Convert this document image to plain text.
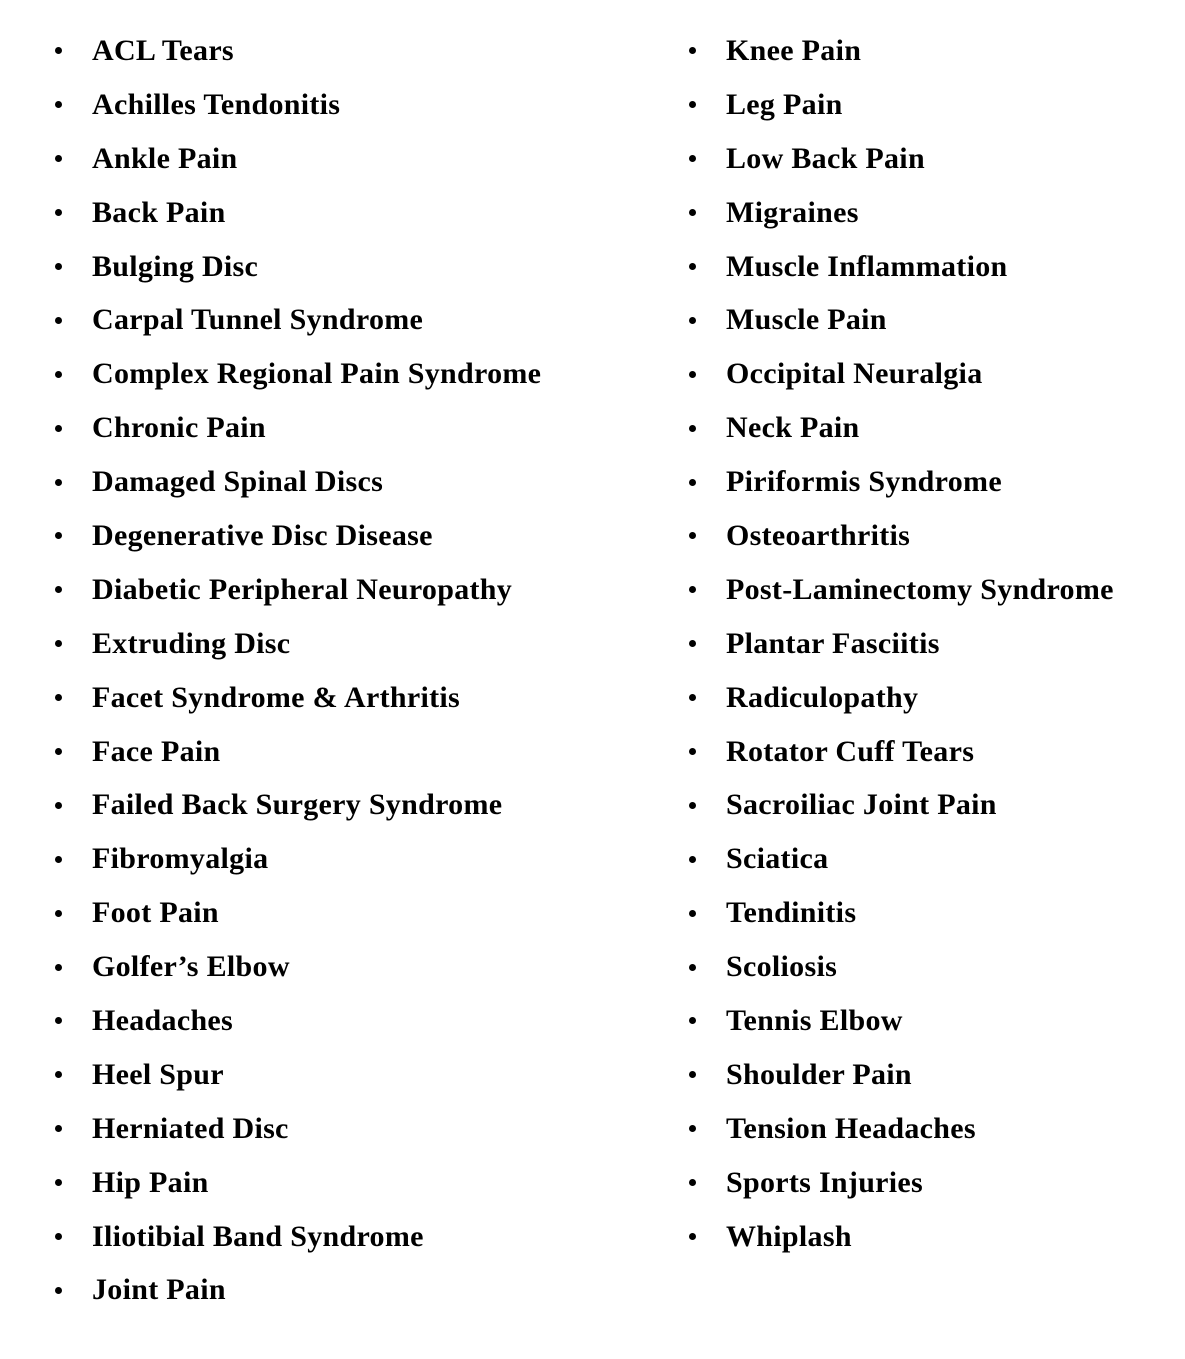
ACL Tears
Achilles Tendonitis
Ankle Pain
Back Pain
Bulging Disc
Carpal Tunnel Syndrome
Complex Regional Pain Syndrome
Chronic Pain
Damaged Spinal Discs
Degenerative Disc Disease
Diabetic Peripheral Neuropathy
Extruding Disc
Facet Syndrome & Arthritis
Face Pain
Failed Back Surgery Syndrome
Fibromyalgia
Foot Pain
Golfer’s Elbow
Headaches
Heel Spur
Herniated Disc
Hip Pain
Iliotibial Band Syndrome
Joint Pain
Knee Pain
Leg Pain
Low Back Pain
Migraines
Muscle Inflammation
Muscle Pain
Occipital Neuralgia
Neck Pain
Piriformis Syndrome
Osteoarthritis
Post-Laminectomy Syndrome
Plantar Fasciitis
Radiculopathy
Rotator Cuff Tears
Sacroiliac Joint Pain
Sciatica
Tendinitis
Scoliosis
Tennis Elbow
Shoulder Pain
Tension Headaches
Sports Injuries
Whiplash
